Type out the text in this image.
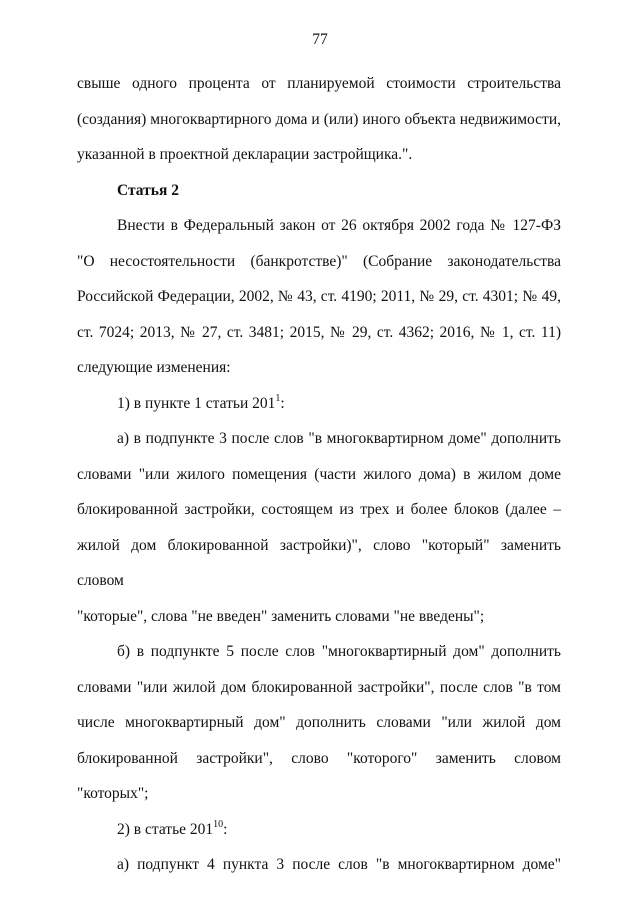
77

свыше одного процента от планируемой стоимости строительства

(создания) многоквартирного дома и (или) иного объекта недвижимости,

указанной в проектной декларации застройщика.".

Статья 2

Внести в Федеральный закон от 26 октября 2002 года № 127-ФЗ

"О несостоятельности (банкротстве)" (Собрание законодательства

Российской Федерации, 2002, № 43, ст. 4190; 2011, № 29, ст. 4301; № 49,

ст. 7024; 2013, № 27, ст. 3481; 2015, № 29, ст. 4362; 2016, № 1, ст. 11)

следующие изменения:

1) в пункте 1 статьи $201^1$:

а) в подпункте 3 после слов "в многоквартирном доме" дополнить

словами "или жилого помещения (части жилого дома) в жилом доме

блокированной застройки, состоящем из трех и более блоков (далее –

жилой дом блокированной застройки)", слово "который" заменить словом

"которые", слова "не введен" заменить словами "не введены";

б) в подпункте 5 после слов "многоквартирный дом" дополнить

словами "или жилой дом блокированной застройки", после слов "в том

числе многоквартирный дом" дополнить словами "или жилой дом

блокированной застройки", слово "которого" заменить словом "которых";

2) в статье $201^{10}$:

а) подпункт 4 пункта 3 после слов "в многоквартирном доме"
